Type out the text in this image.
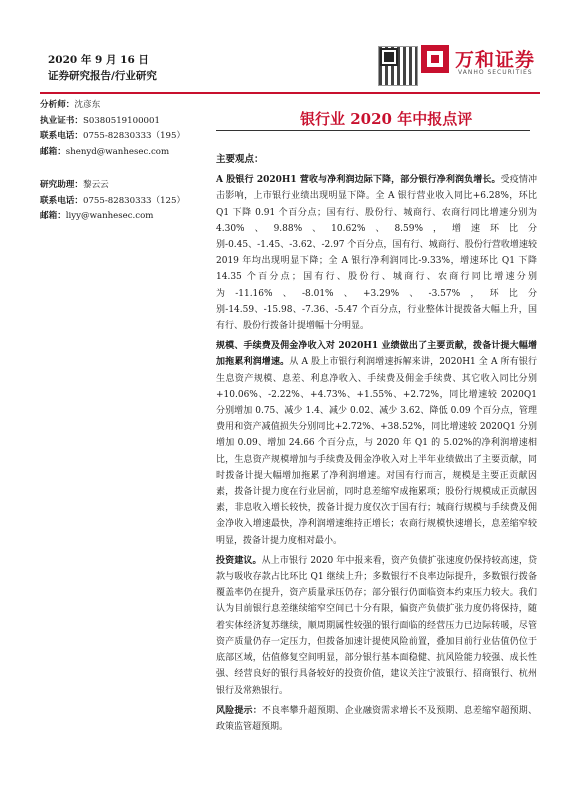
2020 年 9 月 16 日
证券研究报告/行业研究
万和证券
VANHO SECURITIES
分析师：沈彦东
执业证书：S0380519100001
联系电话：0755-82830333（195）
邮箱：shenyd@wanhesec.com
研究助理：黎云云
联系电话：0755-82830333（125）
邮箱：liyy@wanhesec.com
银行业 2020 年中报点评
主要观点：

A 股银行 2020H1 营收与净利润边际下降，部分银行净利润负增长。受疫情冲击影响，上市银行业绩出现明显下降。全 A 银行营业收入同比+6.28%，环比 Q1 下降 0.91 个百分点；国有行、股份行、城商行、农商行同比增速分别为 4.30%、9.88%、10.62%、8.59%，增速环比分别-0.45、-1.45、-3.62、-2.97 个百分点，国有行、城商行、股份行营收增速较 2019 年均出现明显下降；全 A 银行净利润同比-9.33%，增速环比 Q1 下降 14.35 个百分点；国有行、股份行、城商行、农商行同比增速分别为-11.16%、-8.01%、+3.29%、-3.57%，环比分别-14.59、-15.98、-7.36、-5.47 个百分点，行业整体计提拨备大幅上升，国有行、股份行拨备计提增幅十分明显。

规模、手续费及佣金净收入对 2020H1 业绩做出了主要贡献，拨备计提大幅增加拖累利润增速。从 A 股上市银行利润增速拆解来讲，2020H1 全 A 所有银行生息资产规模、息差、利息净收入、手续费及佣金手续费、其它收入同比分别+10.06%、-2.22%、+4.73%、+1.55%、+2.72%，同比增速较 2020Q1 分别增加 0.75、减少 1.4、减少 0.02、减少 3.62、降低 0.09 个百分点，管理费用和资产减值损失分别同比+2.72%、+38.52%，同比增速较 2020Q1 分别增加 0.09、增加 24.66 个百分点，与 2020 年 Q1 的 5.02%的净利润增速相比，生息资产规模增加与手续费及佣金净收入对上半年业绩做出了主要贡献，同时拨备计提大幅增加拖累了净利润增速。对国有行而言，规模是主要正贡献因素，拨备计提力度在行业居前，同时息差缩窄成拖累项；股份行规模成正贡献因素，非息收入增长较快，拨备计提力度仅次于国有行；城商行规模与手续费及佣金净收入增速最快，净利润增速维持正增长；农商行规模快速增长，息差缩窄较明显，拨备计提力度相对最小。

投资建议。从上市银行 2020 年中报来看，资产负债扩张速度仍保持较高速，贷款与吸收存款占比环比 Q1 继续上升；多数银行不良率边际提升，多数银行拨备覆盖率仍在提升，资产质量承压仍存；部分银行仍面临资本约束压力较大。我们认为目前银行息差继续缩窄空间已十分有限，偏资产负债扩张力度仍将保持，随着实体经济复苏继续，顺周期属性较强的银行面临的经营压力已边际转暖，尽管资产质量仍存一定压力，但拨备加速计提使风险前置，叠加目前行业估值仍位于底部区域，估值修复空间明显，部分银行基本面稳健、抗风险能力较强、成长性强、经营良好的银行具备较好的投资价值，建议关注宁波银行、招商银行、杭州银行及常熟银行。

风险提示：不良率攀升超预期、企业融资需求增长不及预期、息差缩窄超预期、政策监管超预期。
